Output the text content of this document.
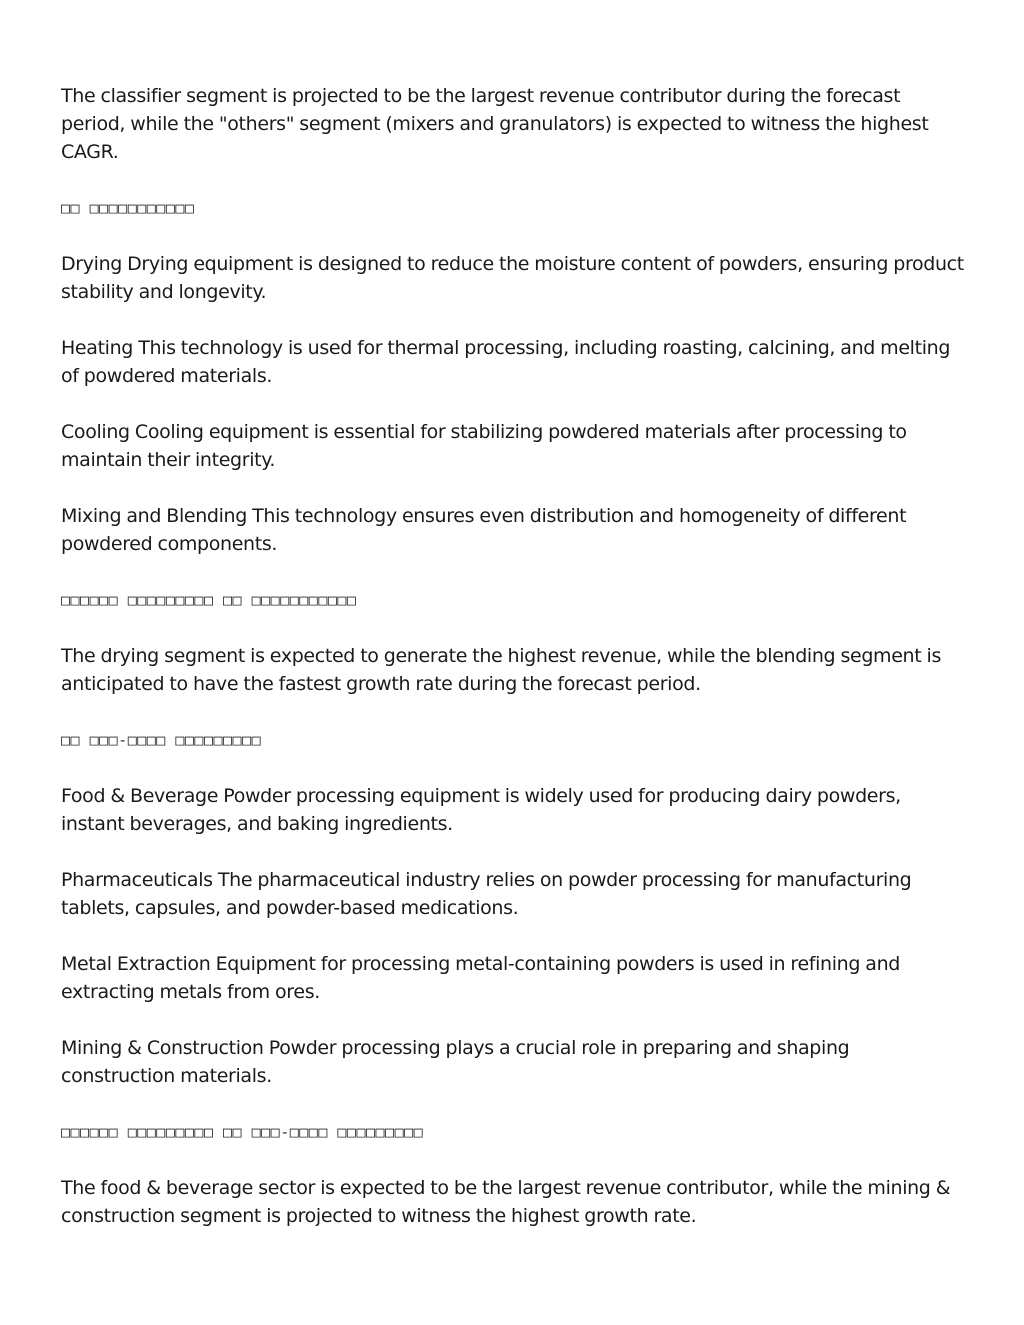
The classifier segment is projected to be the largest revenue contributor during the forecast period, while the "others" segment (mixers and granulators) is expected to witness the highest CAGR.

□□ □□□□□□□□□□□

Drying Drying equipment is designed to reduce the moisture content of powders, ensuring product stability and longevity.

Heating This technology is used for thermal processing, including roasting, calcining, and melting of powdered materials.

Cooling Cooling equipment is essential for stabilizing powdered materials after processing to maintain their integrity.

Mixing and Blending This technology ensures even distribution and homogeneity of different powdered components.

□□□□□□ □□□□□□□□□ □□ □□□□□□□□□□□

The drying segment is expected to generate the highest revenue, while the blending segment is anticipated to have the fastest growth rate during the forecast period.

□□ □□□-□□□□ □□□□□□□□□

Food & Beverage Powder processing equipment is widely used for producing dairy powders, instant beverages, and baking ingredients.

Pharmaceuticals The pharmaceutical industry relies on powder processing for manufacturing tablets, capsules, and powder-based medications.

Metal Extraction Equipment for processing metal-containing powders is used in refining and extracting metals from ores.

Mining & Construction Powder processing plays a crucial role in preparing and shaping construction materials.

□□□□□□ □□□□□□□□□ □□ □□□-□□□□ □□□□□□□□□

The food & beverage sector is expected to be the largest revenue contributor, while the mining & construction segment is projected to witness the highest growth rate.
